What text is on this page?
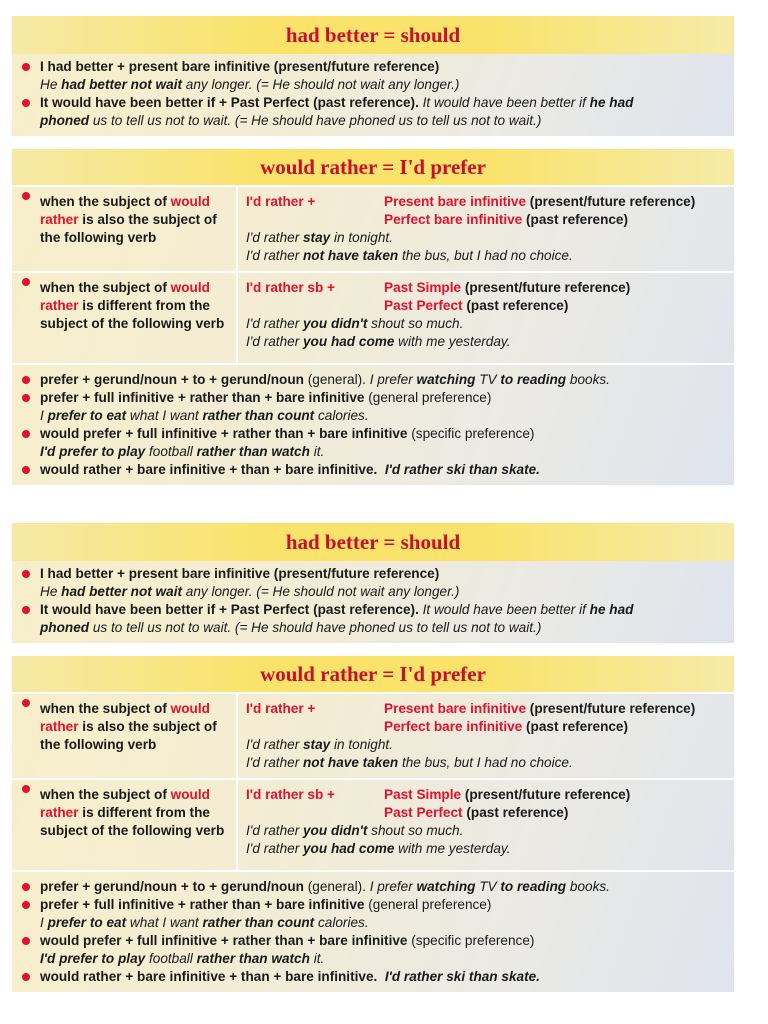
had better = should
I had better + present bare infinitive (present/future reference)
He had better not wait any longer. (= He should not wait any longer.)
It would have been better if + Past Perfect (past reference). It would have been better if he had
phoned us to tell us not to wait. (= He should have phoned us to tell us not to wait.)
would rather = I'd prefer
when the subject of would rather is also the subject of the following verb
I'd rather +	Present bare infinitive (present/future reference)
Perfect bare infinitive (past reference)
I'd rather stay in tonight.
I'd rather not have taken the bus, but I had no choice.
when the subject of would rather is different from the subject of the following verb
I'd rather sb +	Past Simple (present/future reference)
Past Perfect (past reference)
I'd rather you didn't shout so much.
I'd rather you had come with me yesterday.
prefer + gerund/noun + to + gerund/noun (general). I prefer watching TV to reading books.
prefer + full infinitive + rather than + bare infinitive (general preference)
I prefer to eat what I want rather than count calories.
would prefer + full infinitive + rather than + bare infinitive (specific preference)
I'd prefer to play football rather than watch it.
would rather + bare infinitive + than + bare infinitive. I'd rather ski than skate.
had better = should
I had better + present bare infinitive (present/future reference)
He had better not wait any longer. (= He should not wait any longer.)
It would have been better if + Past Perfect (past reference). It would have been better if he had
phoned us to tell us not to wait. (= He should have phoned us to tell us not to wait.)
would rather = I'd prefer
when the subject of would rather is also the subject of the following verb
I'd rather +	Present bare infinitive (present/future reference)
Perfect bare infinitive (past reference)
I'd rather stay in tonight.
I'd rather not have taken the bus, but I had no choice.
when the subject of would rather is different from the subject of the following verb
I'd rather sb +	Past Simple (present/future reference)
Past Perfect (past reference)
I'd rather you didn't shout so much.
I'd rather you had come with me yesterday.
prefer + gerund/noun + to + gerund/noun (general). I prefer watching TV to reading books.
prefer + full infinitive + rather than + bare infinitive (general preference)
I prefer to eat what I want rather than count calories.
would prefer + full infinitive + rather than + bare infinitive (specific preference)
I'd prefer to play football rather than watch it.
would rather + bare infinitive + than + bare infinitive. I'd rather ski than skate.
